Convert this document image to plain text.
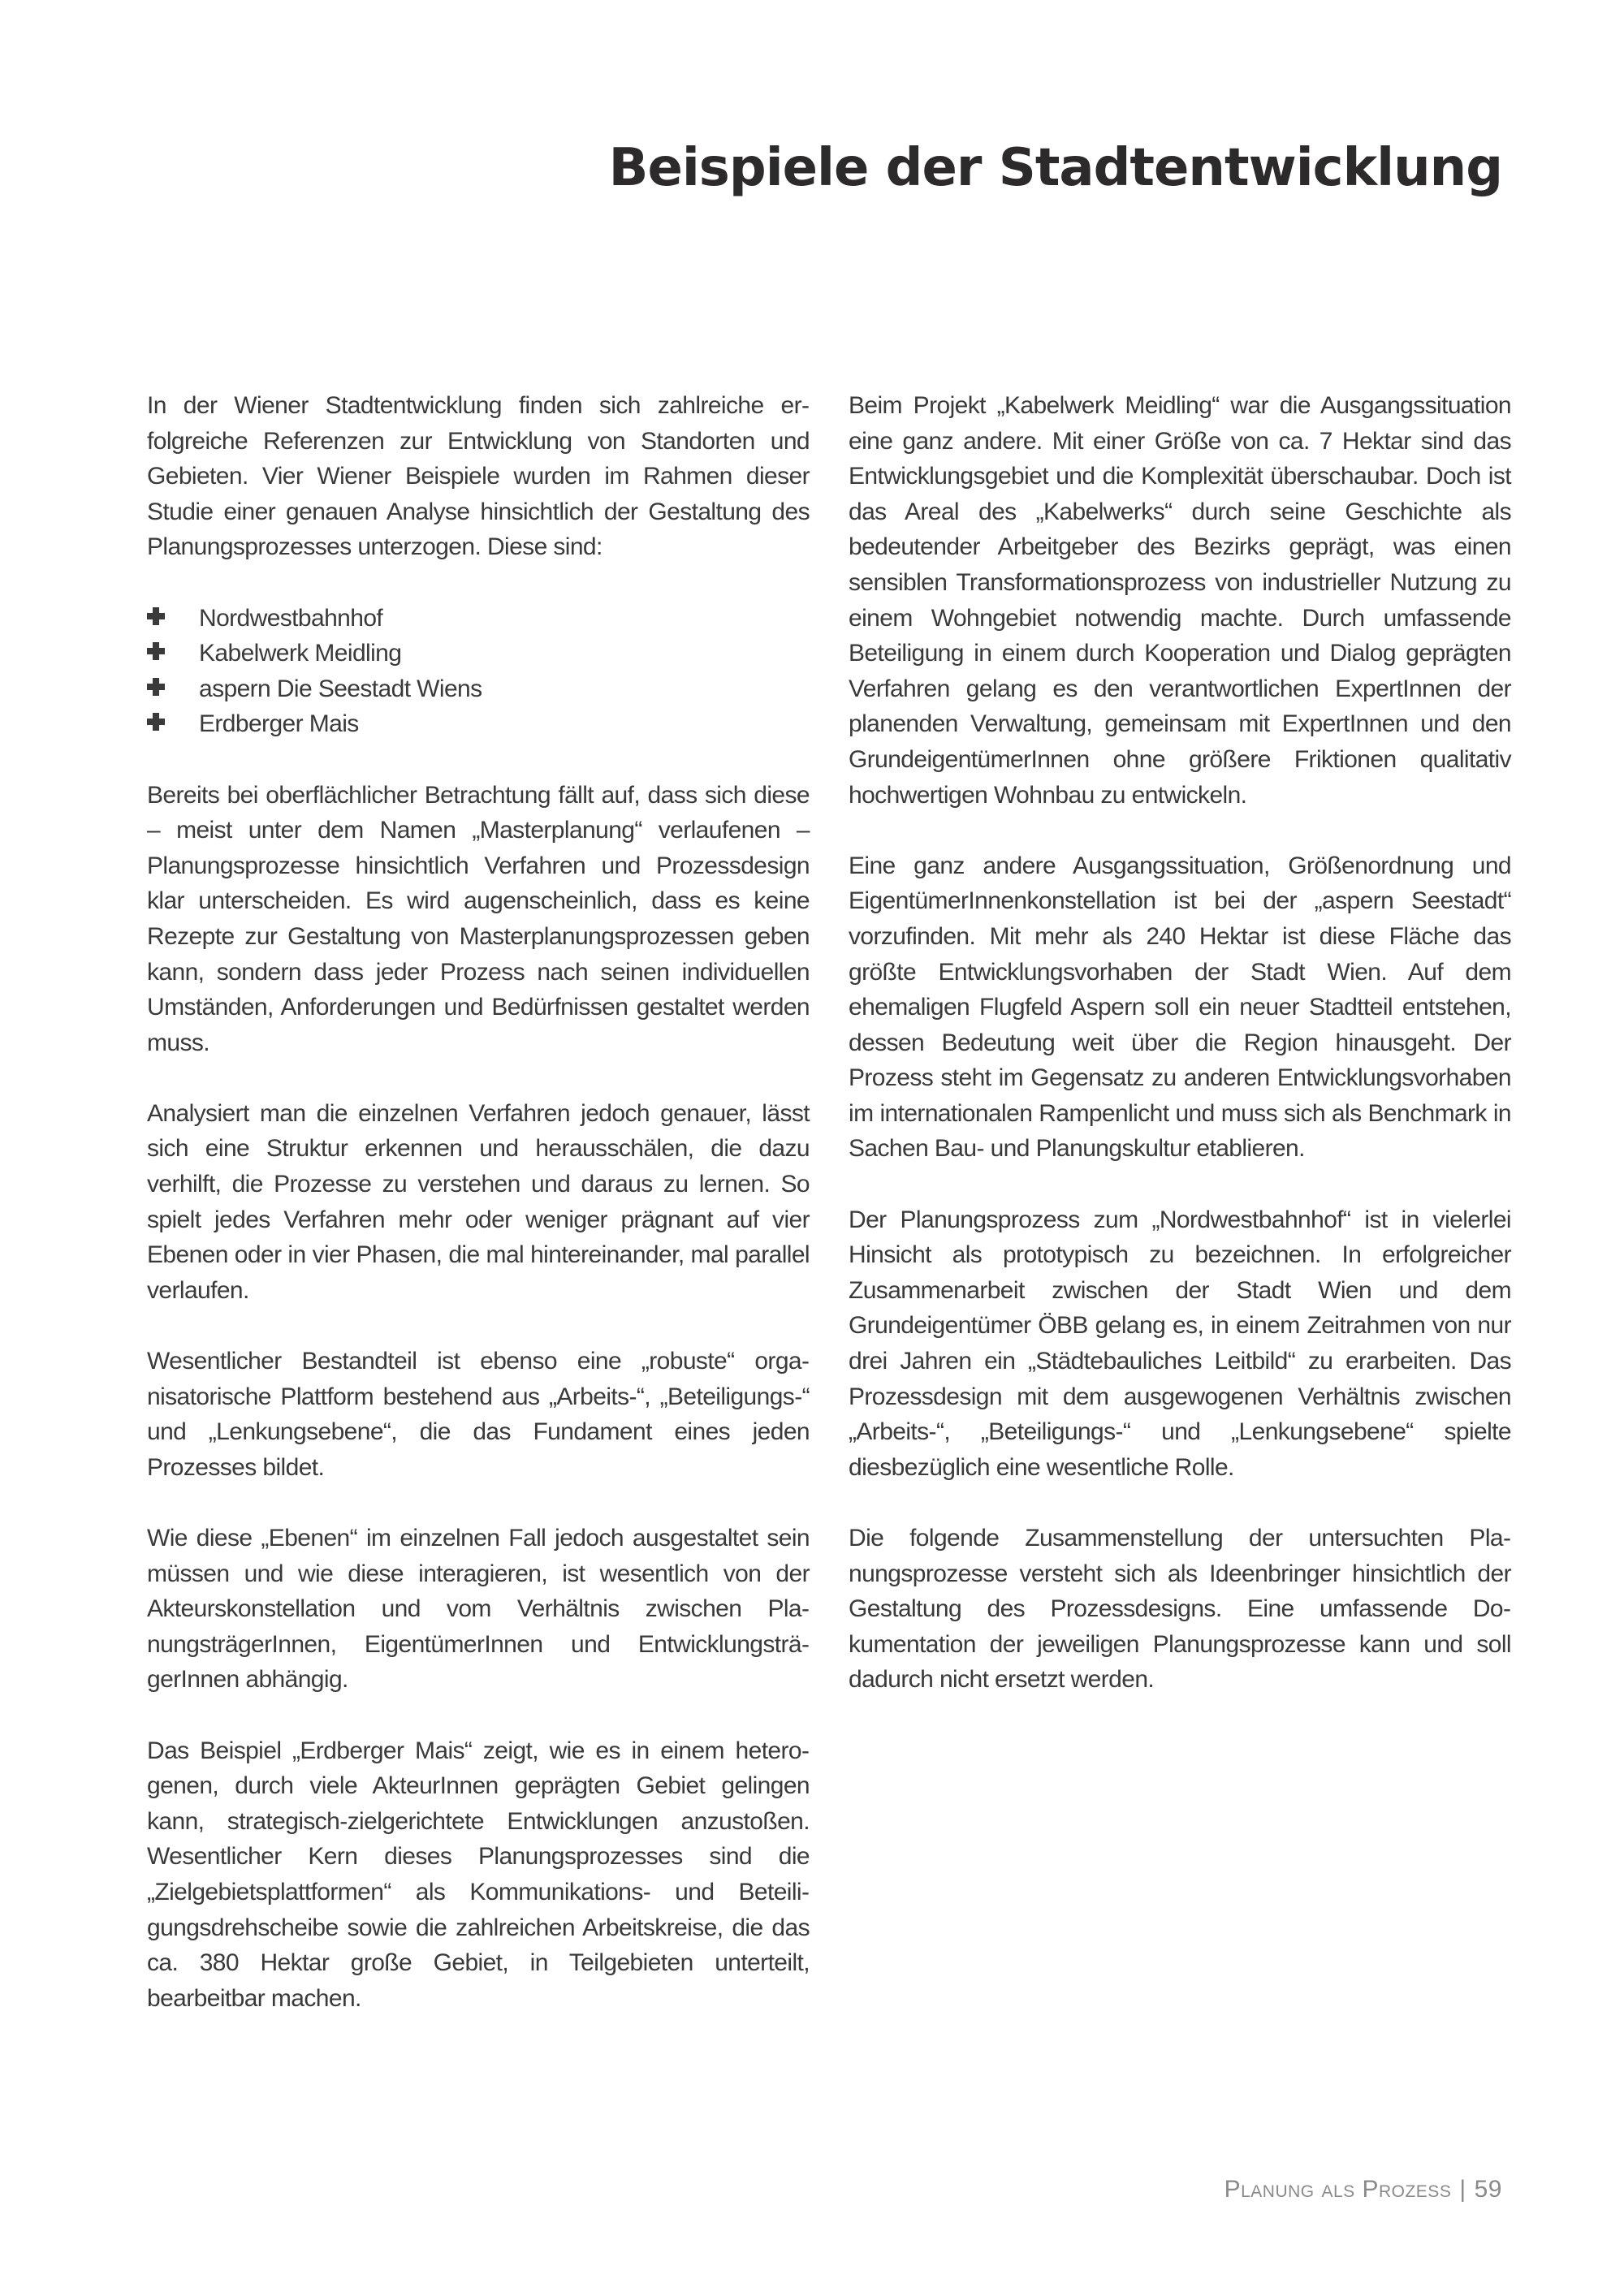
Beispiele der Stadtentwicklung

In der Wiener Stadtentwicklung finden sich zahlreiche erfolgreiche Referenzen zur Entwicklung von Standorten und Gebieten. Vier Wiener Beispiele wurden im Rahmen dieser Studie einer genauen Analyse hinsichtlich der Gestaltung des Planungsprozesses unterzogen. Diese sind:

Nordwestbahnhof
Kabelwerk Meidling
aspern Die Seestadt Wiens
Erdberger Mais

Bereits bei oberflächlicher Betrachtung fällt auf, dass sich diese – meist unter dem Namen „Masterplanung“ verlaufenen – Planungsprozesse hinsichtlich Verfahren und Prozessdesign klar unterscheiden. Es wird augenscheinlich, dass es keine Rezepte zur Gestaltung von Masterplanungsprozessen geben kann, sondern dass jeder Prozess nach seinen individuellen Umständen, Anforderungen und Bedürfnissen gestaltet werden muss.

Analysiert man die einzelnen Verfahren jedoch genauer, lässt sich eine Struktur erkennen und herausschälen, die dazu verhilft, die Prozesse zu verstehen und daraus zu lernen. So spielt jedes Verfahren mehr oder weniger prägnant auf vier Ebenen oder in vier Phasen, die mal hintereinander, mal parallel verlaufen.

Wesentlicher Bestandteil ist ebenso eine „robuste“ organisatorische Plattform bestehend aus „Arbeits-“, „Beteiligungs-“ und „Lenkungsebene“, die das Fundament eines jeden Prozesses bildet.

Wie diese „Ebenen“ im einzelnen Fall jedoch ausgestaltet sein müssen und wie diese interagieren, ist wesentlich von der Akteurskonstellation und vom Verhältnis zwischen PlanungsträgerInnen, EigentümerInnen und EntwicklungsträgerInnen abhängig.

Das Beispiel „Erdberger Mais“ zeigt, wie es in einem heterogenen, durch viele AkteurInnen geprägten Gebiet gelingen kann, strategisch-zielgerichtete Entwicklungen anzustoßen. Wesentlicher Kern dieses Planungsprozesses sind die „Zielgebietsplattformen“ als Kommunikations- und Beteiligungsdrehscheibe sowie die zahlreichen Arbeitskreise, die das ca. 380 Hektar große Gebiet, in Teilgebieten unterteilt, bearbeitbar machen.

Beim Projekt „Kabelwerk Meidling“ war die Ausgangssituation eine ganz andere. Mit einer Größe von ca. 7 Hektar sind das Entwicklungsgebiet und die Komplexität überschaubar. Doch ist das Areal des „Kabelwerks“ durch seine Geschichte als bedeutender Arbeitgeber des Bezirks geprägt, was einen sensiblen Transformationsprozess von industrieller Nutzung zu einem Wohngebiet notwendig machte. Durch umfassende Beteiligung in einem durch Kooperation und Dialog geprägten Verfahren gelang es den verantwortlichen ExpertInnen der planenden Verwaltung, gemeinsam mit ExpertInnen und den GrundeigentümerInnen ohne größere Friktionen qualitativ hochwertigen Wohnbau zu entwickeln.

Eine ganz andere Ausgangssituation, Größenordnung und EigentümerInnenkonstellation ist bei der „aspern Seestadt“ vorzufinden. Mit mehr als 240 Hektar ist diese Fläche das größte Entwicklungsvorhaben der Stadt Wien. Auf dem ehemaligen Flugfeld Aspern soll ein neuer Stadtteil entstehen, dessen Bedeutung weit über die Region hinausgeht. Der Prozess steht im Gegensatz zu anderen Entwicklungsvorhaben im internationalen Rampenlicht und muss sich als Benchmark in Sachen Bau- und Planungskultur etablieren.

Der Planungsprozess zum „Nordwestbahnhof“ ist in vielerlei Hinsicht als prototypisch zu bezeichnen. In erfolgreicher Zusammenarbeit zwischen der Stadt Wien und dem Grundeigentümer ÖBB gelang es, in einem Zeitrahmen von nur drei Jahren ein „Städtebauliches Leitbild“ zu erarbeiten. Das Prozessdesign mit dem ausgewogenen Verhältnis zwischen „Arbeits-“, „Beteiligungs-“ und „Lenkungsebene“ spielte diesbezüglich eine wesentliche Rolle.

Die folgende Zusammenstellung der untersuchten Planungsprozesse versteht sich als Ideenbringer hinsichtlich der Gestaltung des Prozessdesigns. Eine umfassende Dokumentation der jeweiligen Planungsprozesse kann und soll dadurch nicht ersetzt werden.

Planung als Prozess | 59
